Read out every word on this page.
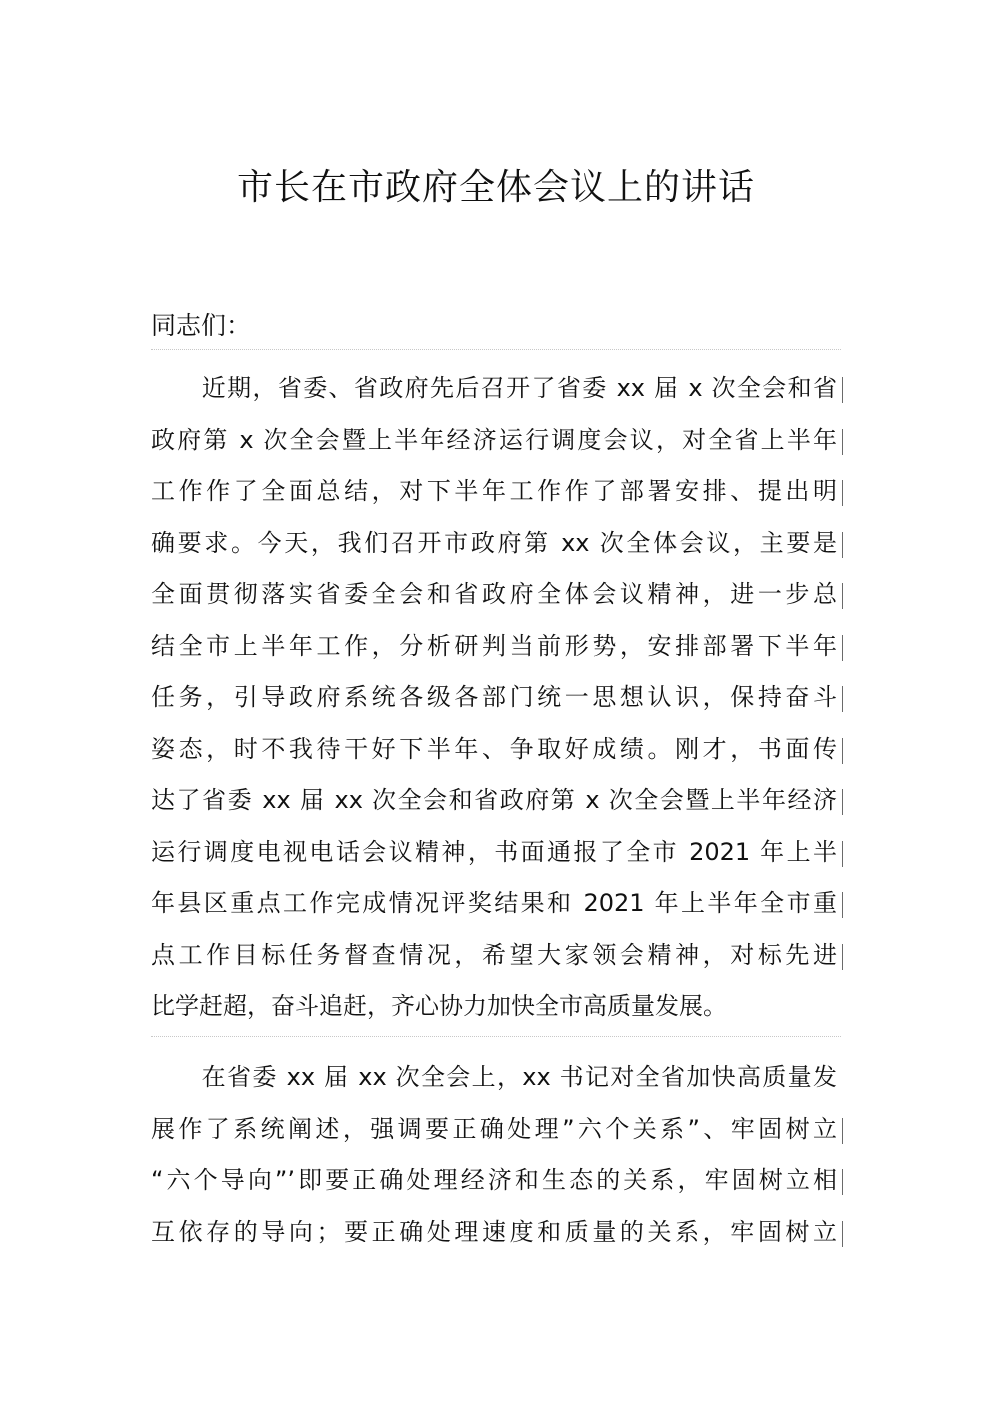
市长在市政府全体会议上的讲话
同志们：
　　近期，省委、省政府先后召开了省委 xx 届 x 次全会和省
政府第 x 次全会暨上半年经济运行调度会议，对全省上半年
工作作了全面总结，对下半年工作作了部署安排、提出明
确要求。今天，我们召开市政府第 xx 次全体会议，主要是
全面贯彻落实省委全会和省政府全体会议精神，进一步总
结全市上半年工作，分析研判当前形势，安排部署下半年
任务，引导政府系统各级各部门统一思想认识，保持奋斗
姿态，时不我待干好下半年、争取好成绩。刚才，书面传
达了省委 xx 届 xx 次全会和省政府第 x 次全会暨上半年经济
运行调度电视电话会议精神，书面通报了全市 2021 年上半
年县区重点工作完成情况评奖结果和 2021 年上半年全市重
点工作目标任务督查情况，希望大家领会精神，对标先进
比学赶超，奋斗追赶，齐心协力加快全市高质量发展。
　　在省委 xx 届 xx 次全会上，xx 书记对全省加快高质量发
展作了系统阐述，强调要正确处理”六个关系”、牢固树立
“六个导向”’即要正确处理经济和生态的关系，牢固树立相
互依存的导向；要正确处理速度和质量的关系，牢固树立
